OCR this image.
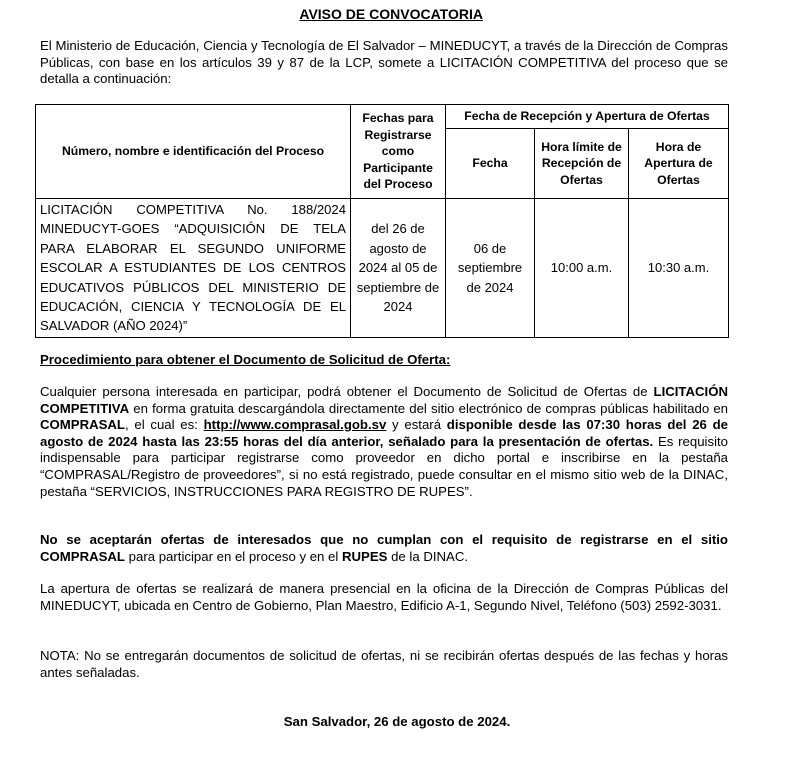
AVISO DE CONVOCATORIA
El Ministerio de Educación, Ciencia y Tecnología de El Salvador – MINEDUCYT, a través de la Dirección de Compras Públicas, con base en los artículos 39 y 87 de la LCP, somete a LICITACIÓN COMPETITIVA del proceso que se detalla a continuación:
Número, nombre e identificación del Proceso	Fechas para Registrarse como Participante del Proceso	Fecha de Recepción y Apertura de Ofertas		
		Fecha	Hora límite de Recepción de Ofertas	Hora de Apertura de Ofertas
LICITACIÓN COMPETITIVA No. 188/2024 MINEDUCYT-GOES “ADQUISICIÓN DE TELA PARA ELABORAR EL SEGUNDO UNIFORME ESCOLAR A ESTUDIANTES DE LOS CENTROS EDUCATIVOS PÚBLICOS DEL MINISTERIO DE EDUCACIÓN, CIENCIA Y TECNOLOGÍA DE EL SALVADOR (AÑO 2024)”	del 26 de agosto de 2024 al 05 de septiembre de 2024	06 de septiembre de 2024	10:00 a.m.	10:30 a.m.
Procedimiento para obtener el Documento de Solicitud de Oferta:
Cualquier persona interesada en participar, podrá obtener el Documento de Solicitud de Ofertas de LICITACIÓN COMPETITIVA en forma gratuita descargándola directamente del sitio electrónico de compras públicas habilitado en COMPRASAL, el cual es: http://www.comprasal.gob.sv y estará disponible desde las 07:30 horas del 26 de agosto de 2024 hasta las 23:55 horas del día anterior, señalado para la presentación de ofertas. Es requisito indispensable para participar registrarse como proveedor en dicho portal e inscribirse en la pestaña “COMPRASAL/Registro de proveedores”, si no está registrado, puede consultar en el mismo sitio web de la DINAC, pestaña “SERVICIOS, INSTRUCCIONES PARA REGISTRO DE RUPES”.
No se aceptarán ofertas de interesados que no cumplan con el requisito de registrarse en el sitio COMPRASAL para participar en el proceso y en el RUPES de la DINAC.
La apertura de ofertas se realizará de manera presencial en la oficina de la Dirección de Compras Públicas del MINEDUCYT, ubicada en Centro de Gobierno, Plan Maestro, Edificio A-1, Segundo Nivel, Teléfono (503) 2592-3031.
NOTA: No se entregarán documentos de solicitud de ofertas, ni se recibirán ofertas después de las fechas y horas antes señaladas.
San Salvador, 26 de agosto de 2024.
